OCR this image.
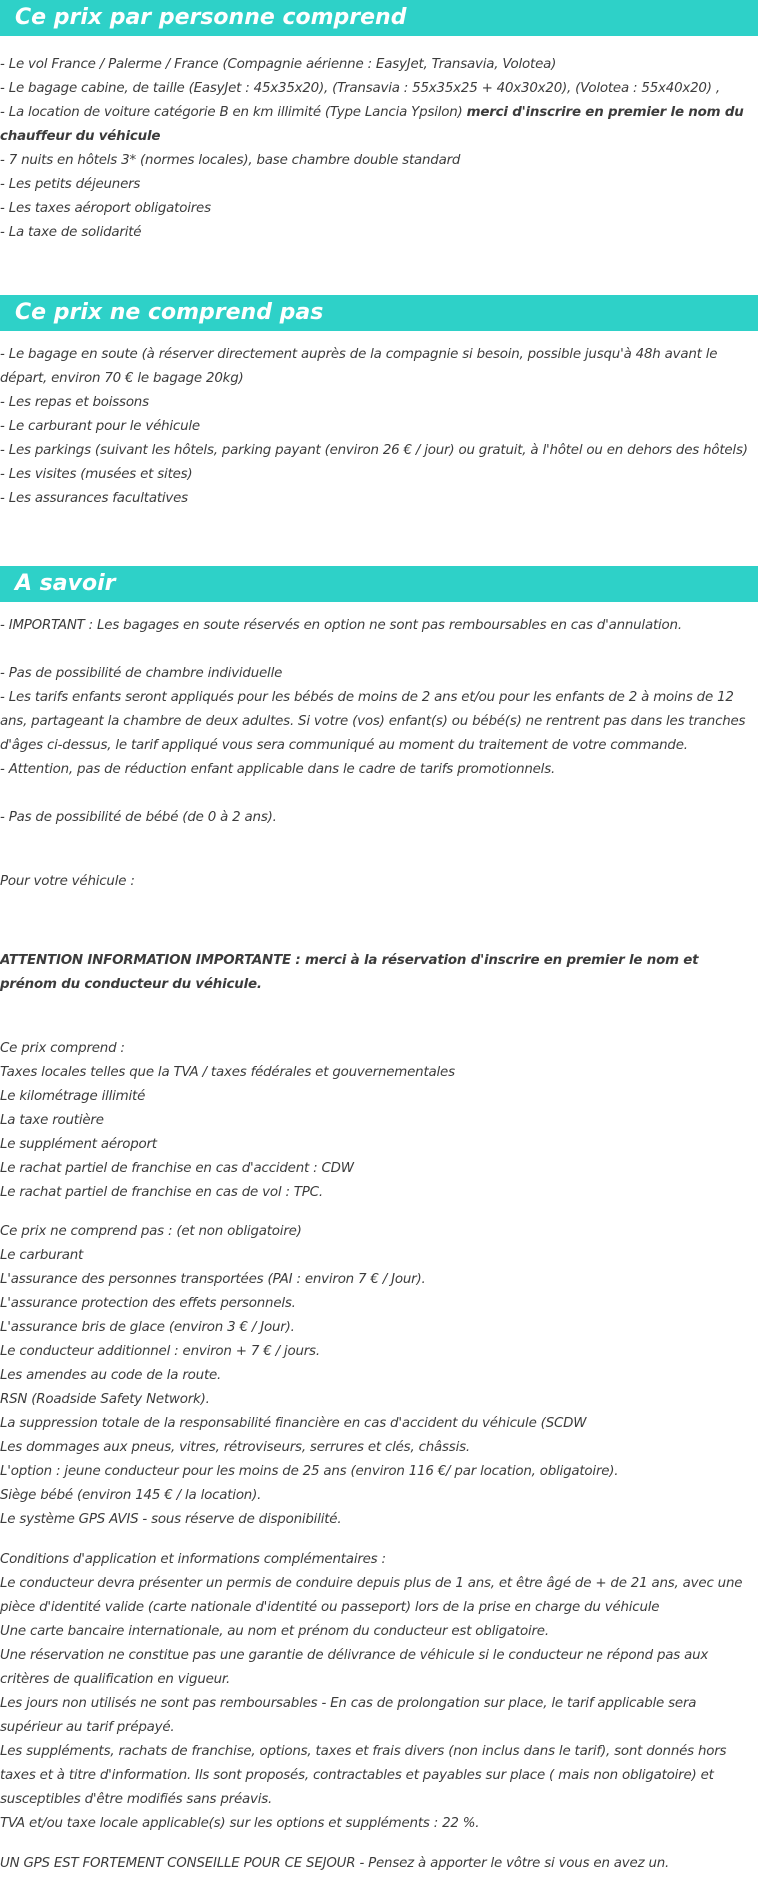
Ce prix par personne comprend

- Le vol France / Palerme / France (Compagnie aérienne : EasyJet, Transavia, Volotea)

- Le bagage cabine, de taille (EasyJet : 45x35x20), (Transavia : 55x35x25 + 40x30x20), (Volotea : 55x40x20) ,

- La location de voiture catégorie B en km illimité (Type Lancia Ypsilon) merci d'inscrire en premier le nom du chauffeur du véhicule

- 7 nuits en hôtels 3* (normes locales), base chambre double standard

- Les petits déjeuners

- Les taxes aéroport obligatoires

- La taxe de solidarité

Ce prix ne comprend pas

- Le bagage en soute (à réserver directement auprès de la compagnie si besoin, possible jusqu'à 48h avant le départ, environ 70 € le bagage 20kg)

- Les repas et boissons

- Le carburant pour le véhicule

- Les parkings (suivant les hôtels, parking payant (environ 26 € / jour) ou gratuit, à l'hôtel ou en dehors des hôtels)

- Les visites (musées et sites)

- Les assurances facultatives

A savoir

- IMPORTANT : Les bagages en soute réservés en option ne sont pas remboursables en cas d'annulation.

- Pas de possibilité de chambre individuelle

- Les tarifs enfants seront appliqués pour les bébés de moins de 2 ans et/ou pour les enfants de 2 à moins de 12 ans, partageant la chambre de deux adultes. Si votre (vos) enfant(s) ou bébé(s) ne rentrent pas dans les tranches d'âges ci-dessus, le tarif appliqué vous sera communiqué au moment du traitement de votre commande.

- Attention, pas de réduction enfant applicable dans le cadre de tarifs promotionnels.

- Pas de possibilité de bébé (de 0 à 2 ans).

Pour votre véhicule :

ATTENTION INFORMATION IMPORTANTE : merci à la réservation d'inscrire en premier le nom et prénom du conducteur du véhicule.

Ce prix comprend :

Taxes locales telles que la TVA / taxes fédérales et gouvernementales

Le kilométrage illimité

La taxe routière

Le supplément aéroport

Le rachat partiel de franchise en cas d'accident : CDW

Le rachat partiel de franchise en cas de vol : TPC.

Ce prix ne comprend pas : (et non obligatoire)

Le carburant

L'assurance des personnes transportées (PAI : environ 7 € / Jour).

L'assurance protection des effets personnels.

L'assurance bris de glace (environ 3 € / Jour).

Le conducteur additionnel : environ + 7 € / jours.

Les amendes au code de la route.

RSN (Roadside Safety Network).

La suppression totale de la responsabilité financière en cas d'accident du véhicule (SCDW

Les dommages aux pneus, vitres, rétroviseurs, serrures et clés, châssis.

L'option : jeune conducteur pour les moins de 25 ans (environ 116 €/ par location, obligatoire).

Siège bébé (environ 145 € / la location).

Le système GPS AVIS - sous réserve de disponibilité.

Conditions d'application et informations complémentaires :

Le conducteur devra présenter un permis de conduire depuis plus de 1 ans, et être âgé de + de 21 ans, avec une pièce d'identité valide (carte nationale d'identité ou passeport) lors de la prise en charge du véhicule

Une carte bancaire internationale, au nom et prénom du conducteur est obligatoire.

Une réservation ne constitue pas une garantie de délivrance de véhicule si le conducteur ne répond pas aux critères de qualification en vigueur.

Les jours non utilisés ne sont pas remboursables - En cas de prolongation sur place, le tarif applicable sera supérieur au tarif prépayé.

Les suppléments, rachats de franchise, options, taxes et frais divers (non inclus dans le tarif), sont donnés hors taxes et à titre d'information. Ils sont proposés, contractables et payables sur place ( mais non obligatoire) et susceptibles d'être modifiés sans préavis.

TVA et/ou taxe locale applicable(s) sur les options et suppléments : 22 %.

UN GPS EST FORTEMENT CONSEILLE POUR CE SEJOUR - Pensez à apporter le vôtre si vous en avez un.
